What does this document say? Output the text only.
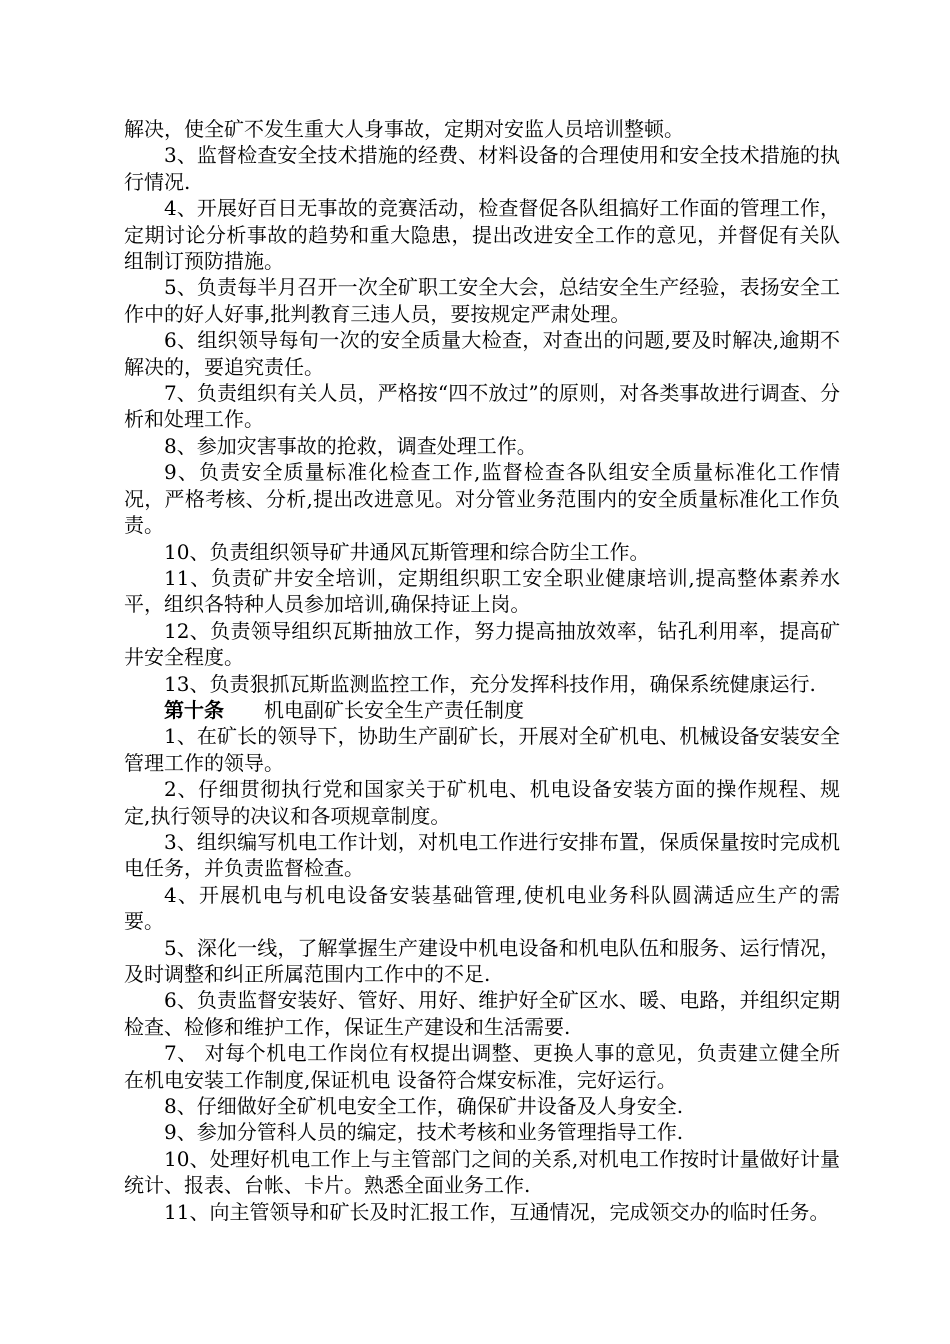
解决，使全矿不发生重大人身事故，定期对安监人员培训整顿。

3、监督检查安全技术措施的经费、材料设备的合理使用和安全技术措施的执行情况.

4、开展好百日无事故的竞赛活动，检查督促各队组搞好工作面的管理工作，定期讨论分析事故的趋势和重大隐患，提出改进安全工作的意见，并督促有关队组制订预防措施。

5、负责每半月召开一次全矿职工安全大会，总结安全生产经验，表扬安全工作中的好人好事,批判教育三违人员，要按规定严肃处理。

6、组织领导每旬一次的安全质量大检查，对查出的问题,要及时解决,逾期不解决的，要追究责任。

7、负责组织有关人员，严格按“四不放过”的原则，对各类事故进行调查、分析和处理工作。

8、参加灾害事故的抢救，调查处理工作。

9、负责安全质量标准化检查工作,监督检查各队组安全质量标准化工作情况，严格考核、分析,提出改进意见。对分管业务范围内的安全质量标准化工作负责。

10、负责组织领导矿井通风瓦斯管理和综合防尘工作。

11、负责矿井安全培训，定期组织职工安全职业健康培训,提高整体素养水平，组织各特种人员参加培训,确保持证上岗。

12、负责领导组织瓦斯抽放工作，努力提高抽放效率，钻孔利用率，提高矿井安全程度。

13、负责狠抓瓦斯监测监控工作，充分发挥科技作用，确保系统健康运行.

第十条 机电副矿长安全生产责任制度

1、在矿长的领导下，协助生产副矿长，开展对全矿机电、机械设备安装安全管理工作的领导。

2、仔细贯彻执行党和国家关于矿机电、机电设备安装方面的操作规程、规定,执行领导的决议和各项规章制度。

3、组织编写机电工作计划，对机电工作进行安排布置，保质保量按时完成机电任务，并负责监督检查。

4、开展机电与机电设备安装基础管理,使机电业务科队圆满适应生产的需要。

5、深化一线，了解掌握生产建设中机电设备和机电队伍和服务、运行情况，及时调整和纠正所属范围内工作中的不足.

6、负责监督安装好、管好、用好、维护好全矿区水、暖、电路，并组织定期检查、检修和维护工作，保证生产建设和生活需要.

7、 对每个机电工作岗位有权提出调整、更换人事的意见，负责建立健全所在机电安装工作制度,保证机电 设备符合煤安标准，完好运行。

8、仔细做好全矿机电安全工作，确保矿井设备及人身安全.

9、参加分管科人员的编定，技术考核和业务管理指导工作.

10、处理好机电工作上与主管部门之间的关系,对机电工作按时计量做好计量统计、报表、台帐、卡片。熟悉全面业务工作.

11、向主管领导和矿长及时汇报工作，互通情况，完成领交办的临时任务。
